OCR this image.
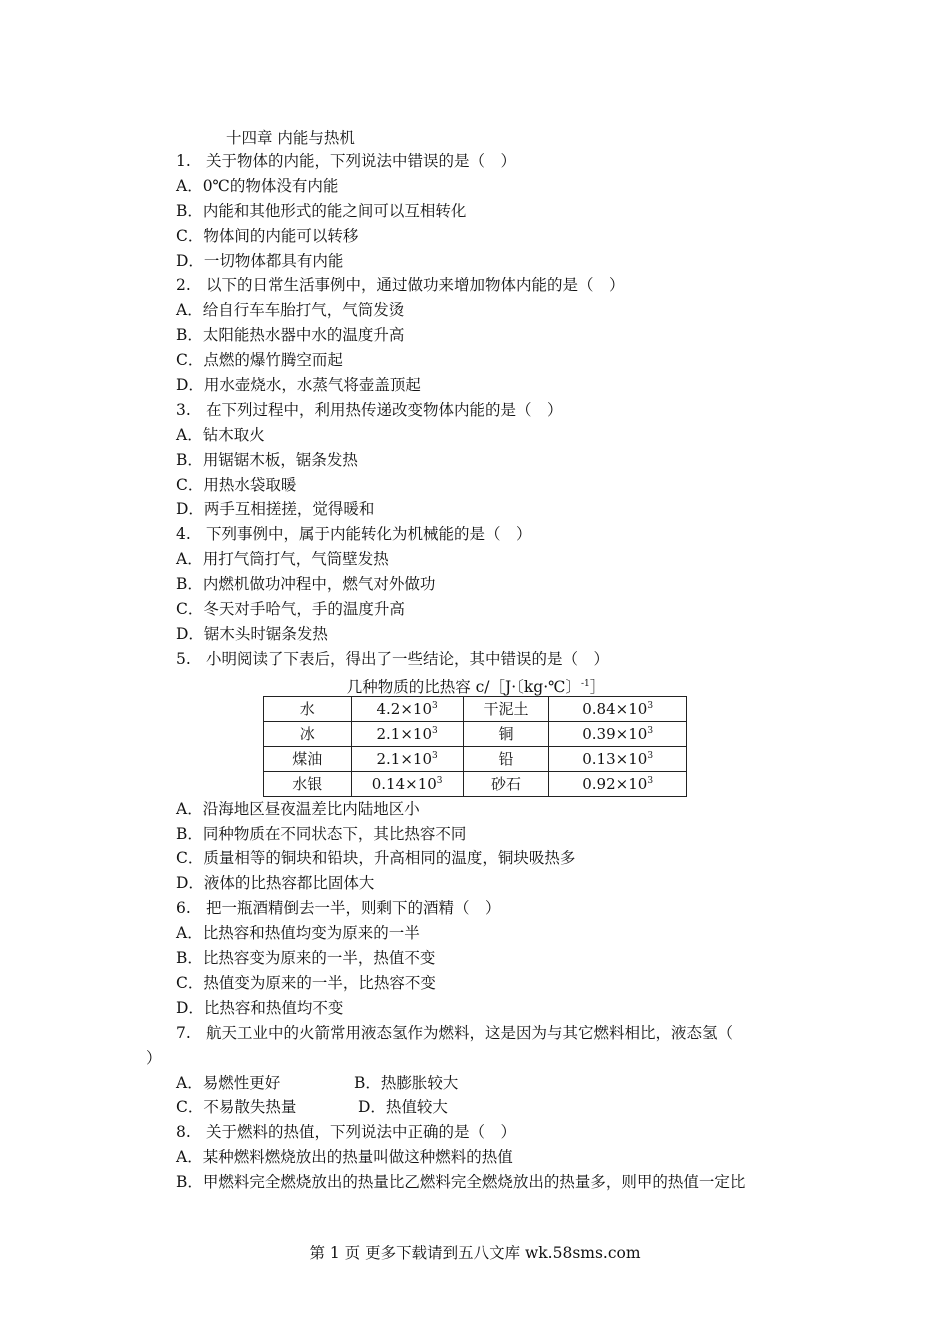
十四章 内能与热机
1. 关于物体的内能，下列说法中错误的是（　）
A．0℃的物体没有内能
B．内能和其他形式的能之间可以互相转化
C．物体间的内能可以转移
D．一切物体都具有内能
2. 以下的日常生活事例中，通过做功来增加物体内能的是（　）
A．给自行车车胎打气，气筒发烫
B．太阳能热水器中水的温度升高
C．点燃的爆竹腾空而起
D．用水壶烧水，水蒸气将壶盖顶起
3. 在下列过程中，利用热传递改变物体内能的是（　）
A．钻木取火
B．用锯锯木板，锯条发热
C．用热水袋取暖
D．两手互相搓搓，觉得暖和
4. 下列事例中，属于内能转化为机械能的是（　）
A．用打气筒打气，气筒壁发热
B．内燃机做功冲程中，燃气对外做功
C．冬天对手哈气，手的温度升高
D．锯木头时锯条发热
5. 小明阅读了下表后，得出了一些结论，其中错误的是（　）
几种物质的比热容 c/［J·〔kg·℃〕$^{-1}$］
水	$4.2\times 10^3$	干泥土	$0.84\times 10^3$
冰	$2.1\times 10^3$	铜	$0.39\times 10^3$
煤油	$2.1\times 10^3$	铅	$0.13\times 10^3$
水银	$0.14\times 10^3$	砂石	$0.92\times 10^3$
A．沿海地区昼夜温差比内陆地区小
B．同种物质在不同状态下，其比热容不同
C．质量相等的铜块和铅块，升高相同的温度，铜块吸热多
D．液体的比热容都比固体大
6. 把一瓶酒精倒去一半，则剩下的酒精（　）
A．比热容和热值均变为原来的一半
B．比热容变为原来的一半，热值不变
C．热值变为原来的一半，比热容不变
D．比热容和热值均不变
7. 航天工业中的火箭常用液态氢作为燃料，这是因为与其它燃料相比，液态氢（
）
A．易燃性更好	B．热膨胀较大
C．不易散失热量	D．热值较大
8. 关于燃料的热值，下列说法中正确的是（　）
A．某种燃料燃烧放出的热量叫做这种燃料的热值
B．甲燃料完全燃烧放出的热量比乙燃料完全燃烧放出的热量多，则甲的热值一定比
第 1 页 更多下载请到五八文库 wk.58sms.com
